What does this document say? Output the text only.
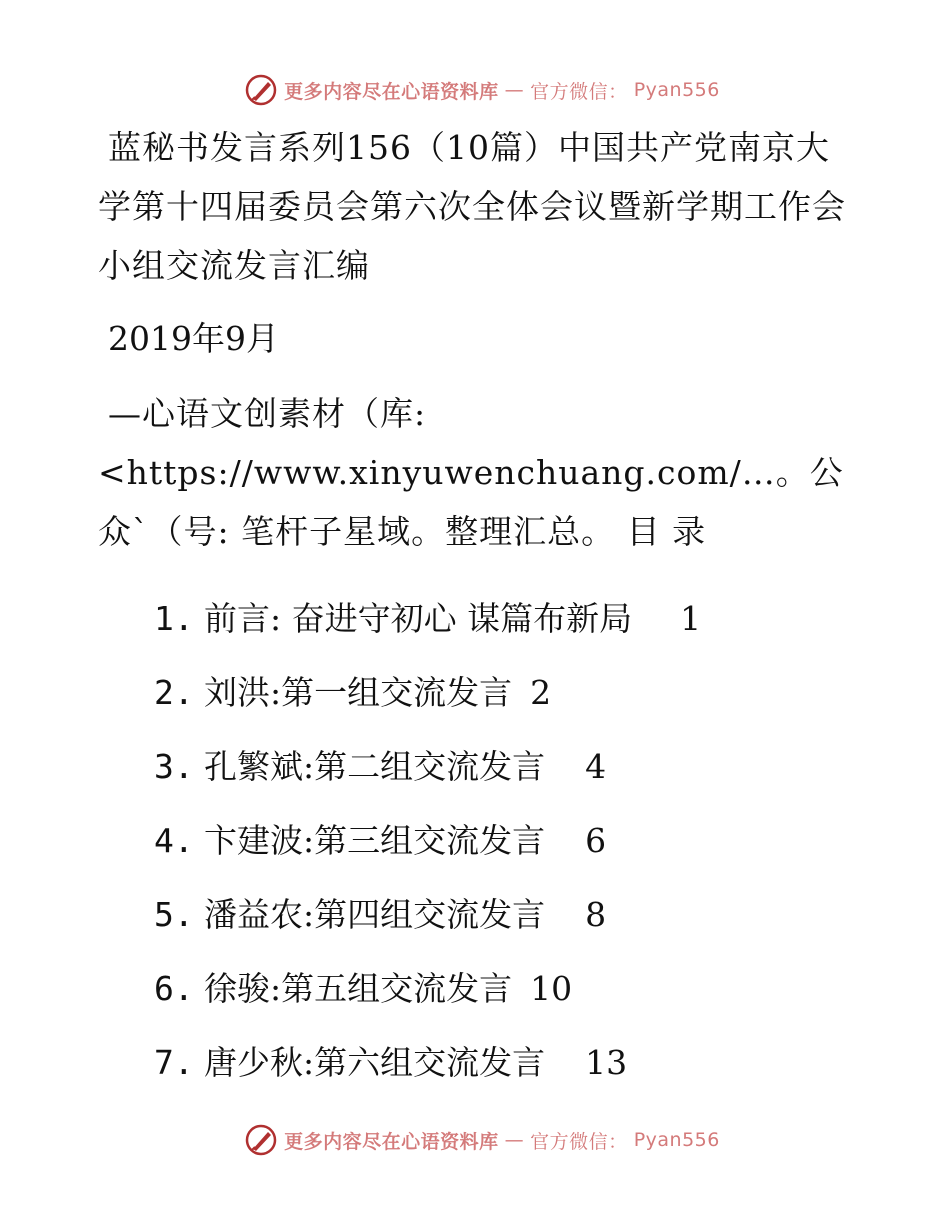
更多内容尽在心语资料库 — 官方微信： Pyan556

蓝秘书发言系列156（10篇）中国共产党南京大学第十四届委员会第六次全体会议暨新学期工作会小组交流发言汇编

2019年9月

—心语文创素材（库: <https://www.xinyuwenchuang.com/…。公众`（号: 笔杆子星域。整理汇总。 目 录

1. 前言: 奋进守初心 谋篇布新局 1
2. 刘洪:第一组交流发言 2
3. 孔繁斌:第二组交流发言 4
4. 卞建波:第三组交流发言 6
5. 潘益农:第四组交流发言 8
6. 徐骏:第五组交流发言 10
7. 唐少秋:第六组交流发言 13
更多内容尽在心语资料库 — 官方微信： Pyan556
